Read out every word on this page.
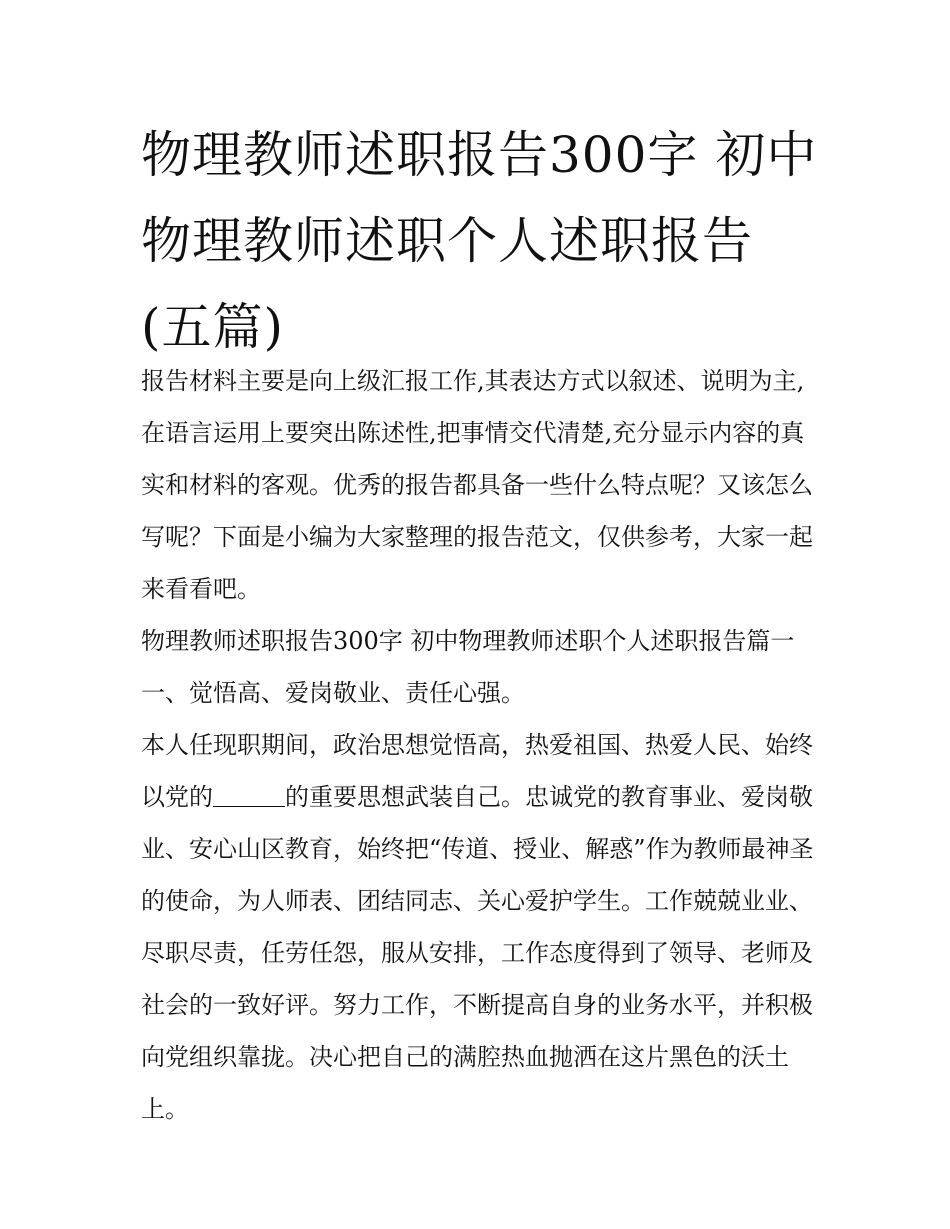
物理教师述职报告300字 初中物理教师述职个人述职报告(五篇)

报告材料主要是向上级汇报工作,其表达方式以叙述、说明为主,在语言运用上要突出陈述性,把事情交代清楚,充分显示内容的真实和材料的客观。优秀的报告都具备一些什么特点呢？又该怎么写呢？下面是小编为大家整理的报告范文，仅供参考，大家一起来看看吧。

物理教师述职报告300字 初中物理教师述职个人述职报告篇一 一、觉悟高、爱岗敬业、责任心强。

本人任现职期间，政治思想觉悟高，热爱祖国、热爱人民、始终以党的	的重要思想武装自己。忠诚党的教育事业、爱岗敬业、安心山区教育，始终把“传道、授业、解惑”作为教师最神圣的使命，为人师表、团结同志、关心爱护学生。工作兢兢业业、尽职尽责，任劳任怨，服从安排，工作态度得到了领导、老师及社会的一致好评。努力工作，不断提高自身的业务水平，并积极向党组织靠拢。决心把自己的满腔热血抛洒在这片黑色的沃土上。
